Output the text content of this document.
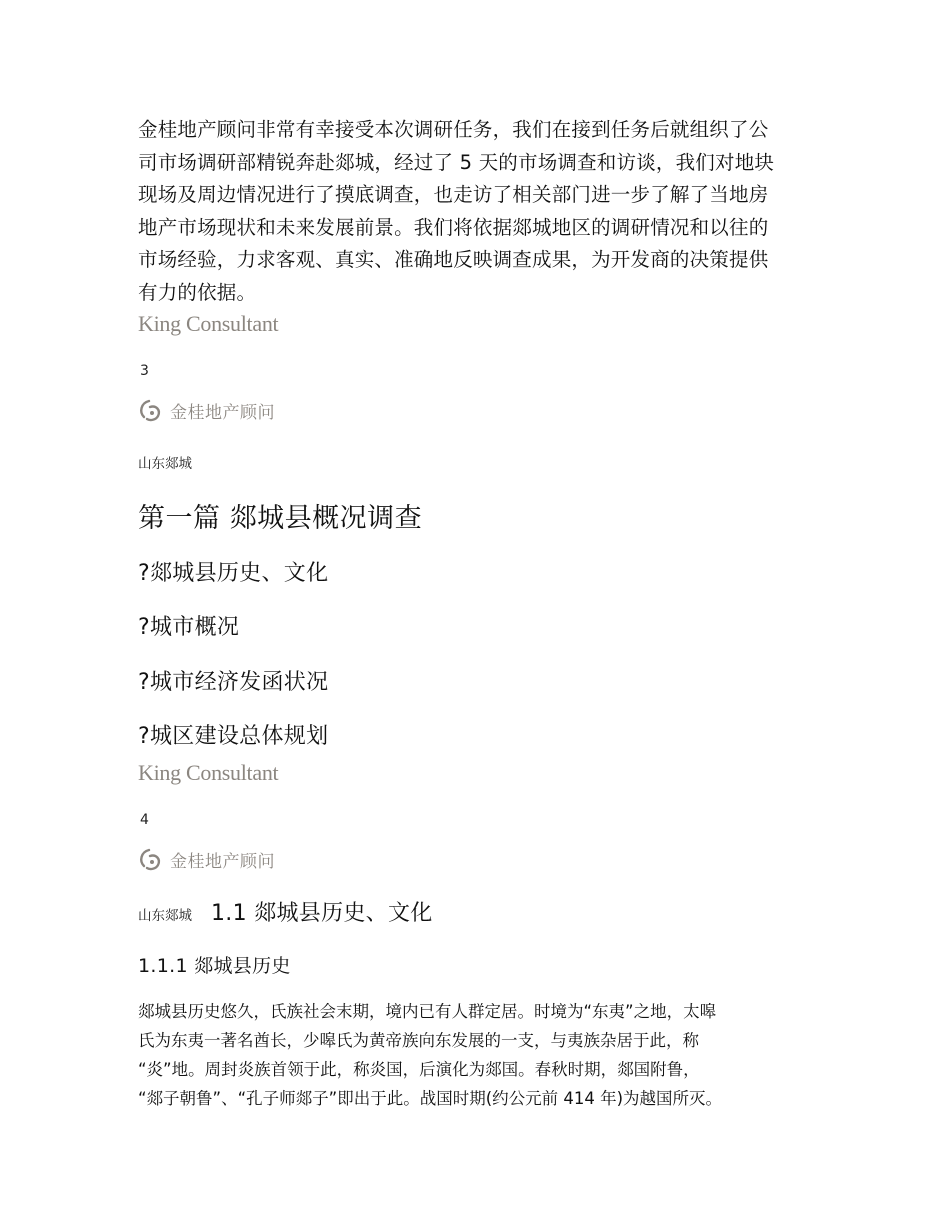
金桂地产顾问非常有幸接受本次调研任务，我们在接到任务后就组织了公

司市场调研部精锐奔赴郯城，经过了 5 天的市场调查和访谈，我们对地块

现场及周边情况进行了摸底调查，也走访了相关部门进一步了解了当地房

地产市场现状和未来发展前景。我们将依据郯城地区的调研情况和以往的

市场经验，力求客观、真实、准确地反映调查成果，为开发商的决策提供

有力的依据。

King Consultant
3
金桂地产顾问
山东郯城
第一篇 郯城县概况调查
?郯城县历史、文化
?城市概况
?城市经济发函状况
?城区建设总体规划
King Consultant
4
金桂地产顾问
山东郯城 1.1 郯城县历史、文化
1.1.1 郯城县历史

郯城县历史悠久，氏族社会末期，境内已有人群定居。时境为“东夷”之地，太嗥

氏为东夷一著名酋长，少嗥氏为黄帝族向东发展的一支，与夷族杂居于此，称

“炎”地。周封炎族首领于此，称炎国，后演化为郯国。春秋时期，郯国附鲁，

“郯子朝鲁”、“孔子师郯子”即出于此。战国时期(约公元前 414 年)为越国所灭。
